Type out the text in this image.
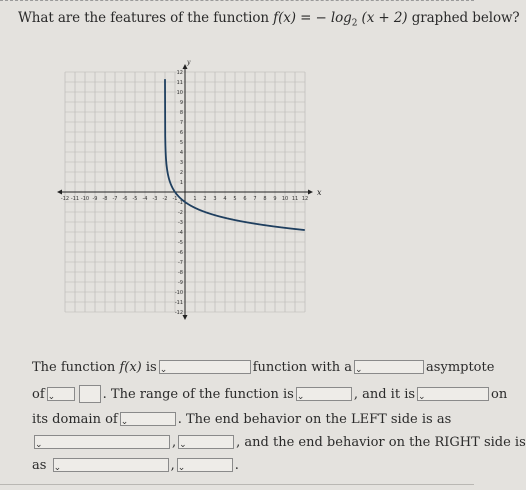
What are the features of the function f(x) = − $\log_2 (x + 2)$ graphed below?
x
y
-12 -11 -10 -9 -8 -7 -6 -5 -4 -3 -2 -1	1 2 3 4 5 6 7 8 9 10 11 12
12
11
10
9
8
7
6
5
4
3
2
1
-1
-2
-3
-4
-5
-6
-7
-8
-9
-10
-11
-12
The function
f(x)
is ⌄	function with a ⌄	asymptote
of ⌄	. The range of the function is ⌄	, and it is ⌄	on
its domain of ⌄	. The end behavior on the LEFT side is as
⌄	, ⌄	, and the end behavior on the RIGHT side is
as
⌄	, ⌄	.
